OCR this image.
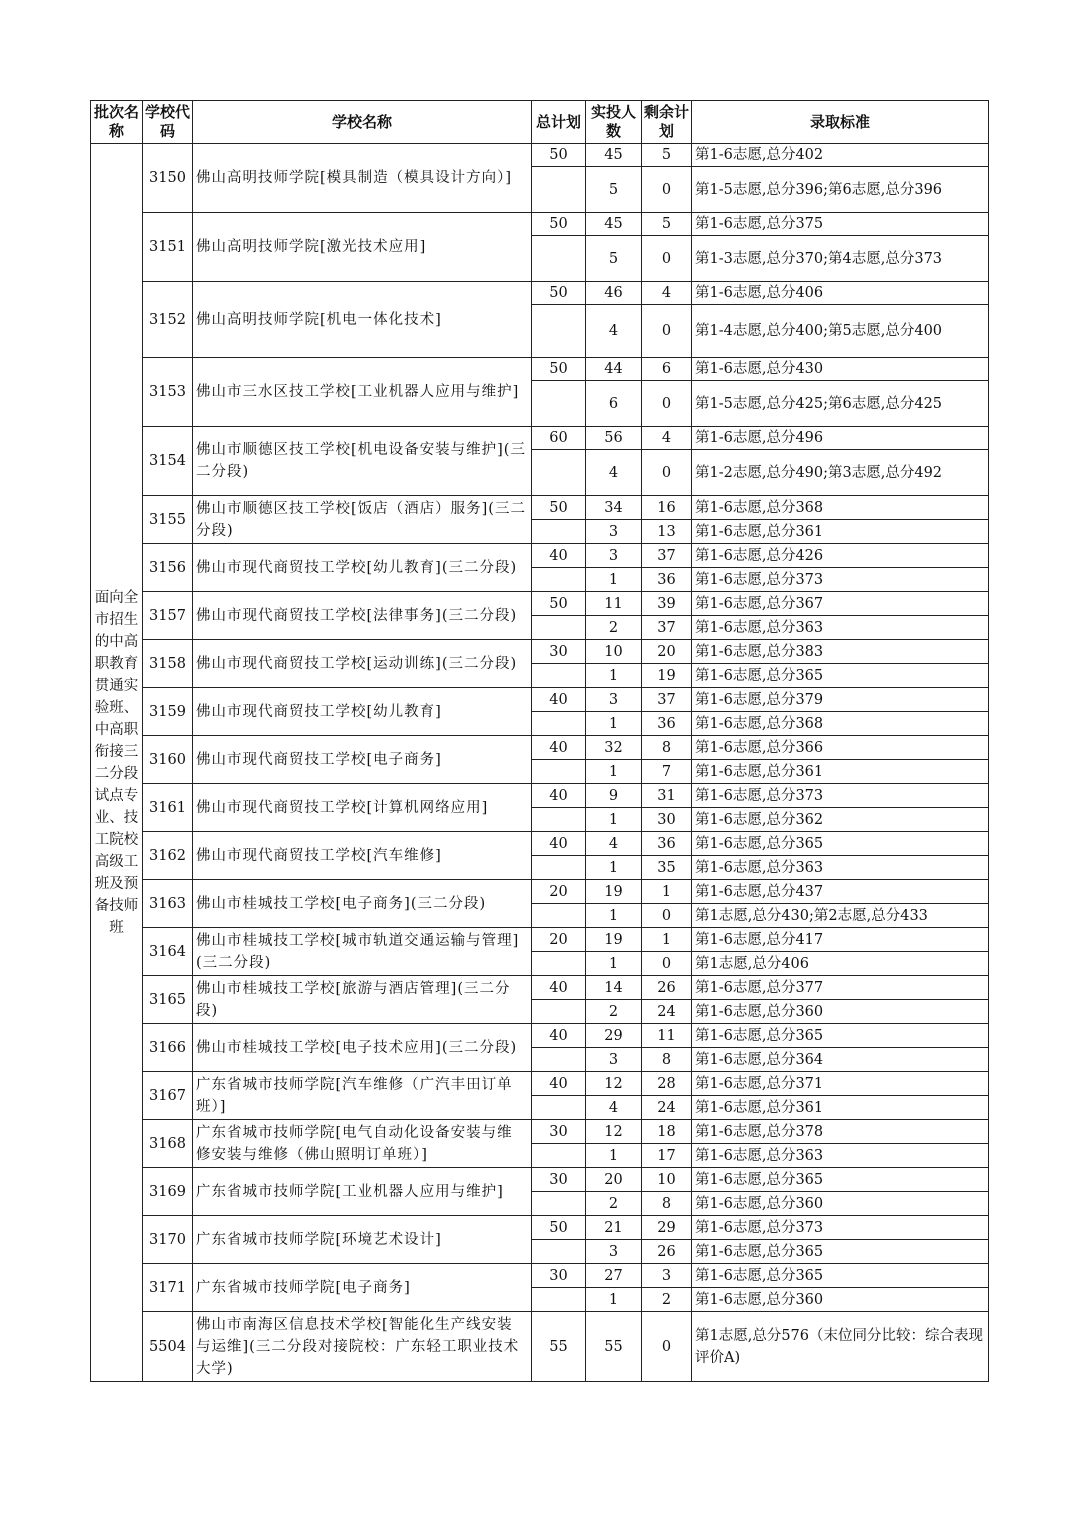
批次名称	学校代码	学校名称	总计划	实投人数	剩余计划	录取标准
面向全市招生的中高职教育贯通实验班、中高职衔接三二分段试点专业、技工院校高级工班及预备技师班	3150	佛山高明技师学院[模具制造（模具设计方向）]	50	45	5	第1-6志愿,总分402
				5	0	第1-5志愿,总分396;第6志愿,总分396
	3151	佛山高明技师学院[激光技术应用]	50	45	5	第1-6志愿,总分375
				5	0	第1-3志愿,总分370;第4志愿,总分373
	3152	佛山高明技师学院[机电一体化技术]	50	46	4	第1-6志愿,总分406
				4	0	第1-4志愿,总分400;第5志愿,总分400
	3153	佛山市三水区技工学校[工业机器人应用与维护]	50	44	6	第1-6志愿,总分430
				6	0	第1-5志愿,总分425;第6志愿,总分425
	3154	佛山市顺德区技工学校[机电设备安装与维护](三二分段)	60	56	4	第1-6志愿,总分496
				4	0	第1-2志愿,总分490;第3志愿,总分492
	3155	佛山市顺德区技工学校[饭店（酒店）服务](三二分段)	50	34	16	第1-6志愿,总分368
				3	13	第1-6志愿,总分361
	3156	佛山市现代商贸技工学校[幼儿教育](三二分段)	40	3	37	第1-6志愿,总分426
				1	36	第1-6志愿,总分373
	3157	佛山市现代商贸技工学校[法律事务](三二分段)	50	11	39	第1-6志愿,总分367
				2	37	第1-6志愿,总分363
	3158	佛山市现代商贸技工学校[运动训练](三二分段)	30	10	20	第1-6志愿,总分383
				1	19	第1-6志愿,总分365
	3159	佛山市现代商贸技工学校[幼儿教育]	40	3	37	第1-6志愿,总分379
				1	36	第1-6志愿,总分368
	3160	佛山市现代商贸技工学校[电子商务]	40	32	8	第1-6志愿,总分366
				1	7	第1-6志愿,总分361
	3161	佛山市现代商贸技工学校[计算机网络应用]	40	9	31	第1-6志愿,总分373
				1	30	第1-6志愿,总分362
	3162	佛山市现代商贸技工学校[汽车维修]	40	4	36	第1-6志愿,总分365
				1	35	第1-6志愿,总分363
	3163	佛山市桂城技工学校[电子商务](三二分段)	20	19	1	第1-6志愿,总分437
				1	0	第1志愿,总分430;第2志愿,总分433
	3164	佛山市桂城技工学校[城市轨道交通运输与管理](三二分段)	20	19	1	第1-6志愿,总分417
				1	0	第1志愿,总分406
	3165	佛山市桂城技工学校[旅游与酒店管理](三二分段)	40	14	26	第1-6志愿,总分377
				2	24	第1-6志愿,总分360
	3166	佛山市桂城技工学校[电子技术应用](三二分段)	40	29	11	第1-6志愿,总分365
				3	8	第1-6志愿,总分364
	3167	广东省城市技师学院[汽车维修（广汽丰田订单班）]	40	12	28	第1-6志愿,总分371
				4	24	第1-6志愿,总分361
	3168	广东省城市技师学院[电气自动化设备安装与维修安装与维修（佛山照明订单班）]	30	12	18	第1-6志愿,总分378
				1	17	第1-6志愿,总分363
	3169	广东省城市技师学院[工业机器人应用与维护]	30	20	10	第1-6志愿,总分365
				2	8	第1-6志愿,总分360
	3170	广东省城市技师学院[环境艺术设计]	50	21	29	第1-6志愿,总分373
				3	26	第1-6志愿,总分365
	3171	广东省城市技师学院[电子商务]	30	27	3	第1-6志愿,总分365
				1	2	第1-6志愿,总分360
	5504	佛山市南海区信息技术学校[智能化生产线安装与运维](三二分段对接院校：广东轻工职业技术大学)	55	55	0	第1志愿,总分576（末位同分比较：综合表现评价A)
